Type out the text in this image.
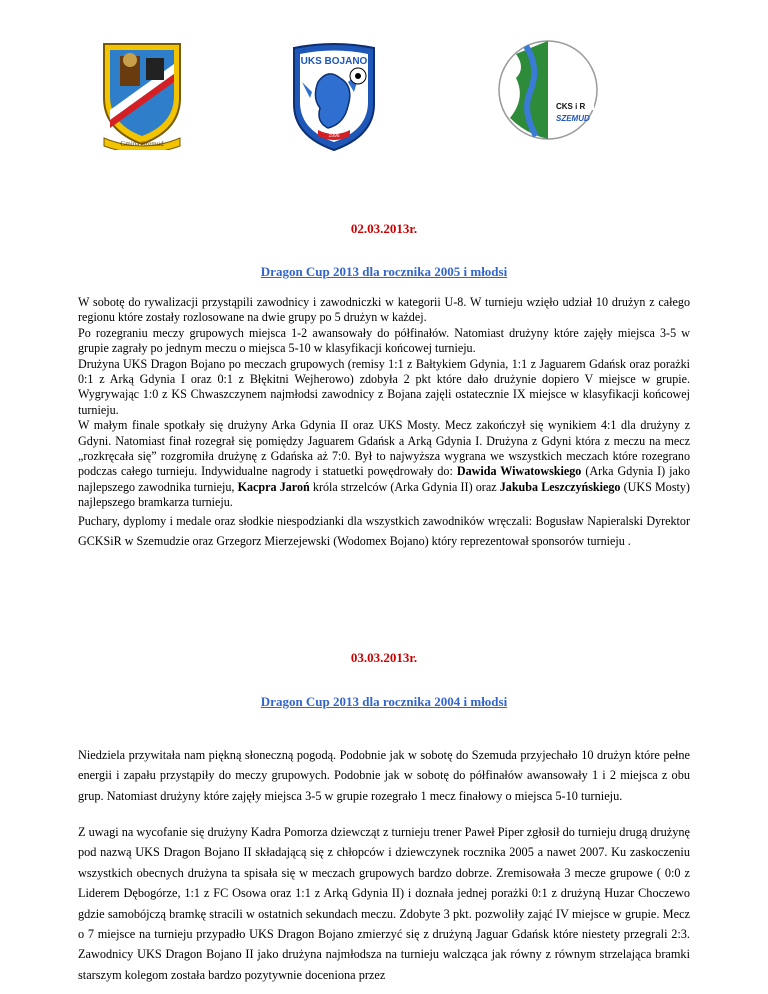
Gmina Szemud
UKS BOJANO
1996
CKS i R
SZEMUD
02.03.2013r.
Dragon Cup 2013 dla rocznika 2005 i młodsi
W sobotę do rywalizacji przystąpili zawodnicy i zawodniczki w kategorii U-8. W turnieju wzięło udział 10 drużyn z całego regionu które zostały rozlosowane na dwie grupy po 5 drużyn w każdej.
Po rozegraniu meczy grupowych miejsca 1-2 awansowały do półfinałów. Natomiast drużyny które zajęły miejsca 3-5 w grupie zagrały po jednym meczu o miejsca 5-10 w klasyfikacji końcowej turnieju.
Drużyna UKS Dragon Bojano po meczach grupowych (remisy 1:1 z Bałtykiem Gdynia, 1:1 z Jaguarem Gdańsk oraz porażki 0:1 z Arką Gdynia I oraz 0:1 z Błękitni Wejherowo) zdobyła 2 pkt które dało drużynie dopiero V miejsce w grupie. Wygrywając 1:0 z KS Chwaszczynem najmłodsi zawodnicy z Bojana zajęli ostatecznie IX miejsce w klasyfikacji końcowej turnieju.
W małym finale spotkały się drużyny Arka Gdynia II oraz UKS Mosty. Mecz zakończył się wynikiem 4:1 dla drużyny z Gdyni. Natomiast finał rozegrał się pomiędzy Jaguarem Gdańsk a Arką Gdynia I. Drużyna z Gdyni która z meczu na mecz „rozkręcała się” rozgromiła drużynę z Gdańska aż 7:0. Był to najwyższa wygrana we wszystkich meczach które rozegrano podczas całego turnieju. Indywidualne nagrody i statuetki powędrowały do: Dawida Wiwatowskiego (Arka Gdynia I) jako najlepszego zawodnika turnieju, Kacpra Jaroń króla strzelców (Arka Gdynia II) oraz Jakuba Leszczyńskiego (UKS Mosty) najlepszego bramkarza turnieju.
Puchary, dyplomy i medale oraz słodkie niespodzianki dla wszystkich zawodników wręczali: Bogusław Napieralski Dyrektor GCKSiR w Szemudzie oraz Grzegorz Mierzejewski (Wodomex Bojano) który reprezentował sponsorów turnieju .
03.03.2013r.
Dragon Cup 2013 dla rocznika 2004 i młodsi
Niedziela przywitała nam piękną słoneczną pogodą. Podobnie jak w sobotę do Szemuda przyjechało 10 drużyn które pełne energii i zapału przystąpiły do meczy grupowych. Podobnie jak w sobotę do półfinałów awansowały 1 i 2 miejsca z obu grup. Natomiast drużyny które zajęły miejsca 3-5 w grupie rozegrało 1 mecz finałowy o miejsca 5-10 turnieju.
Z uwagi na wycofanie się drużyny Kadra Pomorza dziewcząt z turnieju trener Paweł Piper zgłosił do turnieju drugą drużynę pod nazwą UKS Dragon Bojano II składającą się z chłopców i dziewczynek rocznika 2005 a nawet 2007. Ku zaskoczeniu wszystkich obecnych drużyna ta spisała się w meczach grupowych bardzo dobrze. Zremisowała 3 mecze grupowe ( 0:0 z Liderem Dębogórze, 1:1 z FC Osowa oraz 1:1 z Arką Gdynia II) i doznała jednej porażki 0:1 z drużyną Huzar Choczewo gdzie samobójczą bramkę stracili w ostatnich sekundach meczu. Zdobyte 3 pkt. pozwoliły zająć IV miejsce w grupie. Mecz o 7 miejsce na turnieju przypadło UKS Dragon Bojano zmierzyć się z drużyną Jaguar Gdańsk które niestety przegrali 2:3. Zawodnicy UKS Dragon Bojano II jako drużyna najmłodsza na turnieju walcząca jak równy z równym strzelająca bramki starszym kolegom została bardzo pozytywnie doceniona przez
